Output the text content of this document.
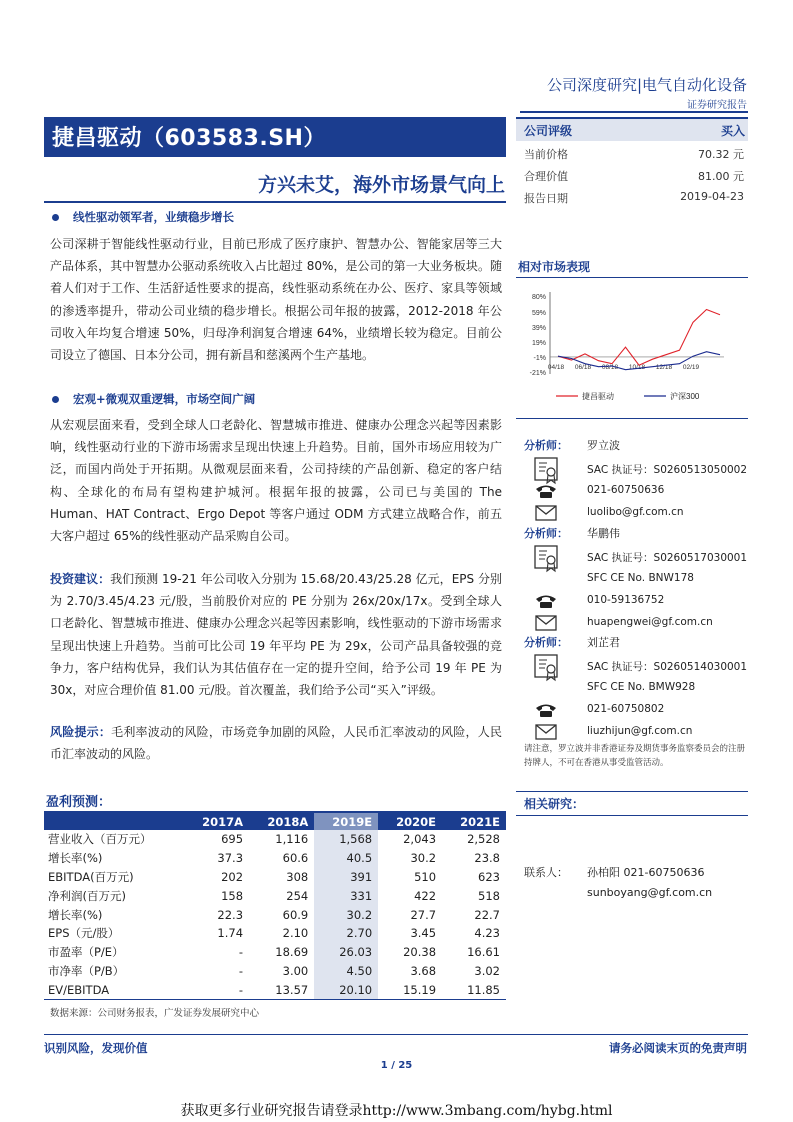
公司深度研究|电气自动化设备
证券研究报告
捷昌驱动（603583.SH）
方兴未艾，海外市场景气向上
线性驱动领军者，业绩稳步增长
公司深耕于智能线性驱动行业，目前已形成了医疗康护、智慧办公、智能家居等三大产品体系，其中智慧办公驱动系统收入占比超过 80%，是公司的第一大业务板块。随着人们对于工作、生活舒适性要求的提高，线性驱动系统在办公、医疗、家具等领域的渗透率提升，带动公司业绩的稳步增长。根据公司年报的披露，2012-2018 年公司收入年均复合增速 50%，归母净利润复合增速 64%，业绩增长较为稳定。目前公司设立了德国、日本分公司，拥有新昌和慈溪两个生产基地。
宏观+微观双重逻辑，市场空间广阔
从宏观层面来看，受到全球人口老龄化、智慧城市推进、健康办公理念兴起等因素影响，线性驱动行业的下游市场需求呈现出快速上升趋势。目前，国外市场应用较为广泛，而国内尚处于开拓期。从微观层面来看，公司持续的产品创新、稳定的客户结构、全球化的布局有望构建护城河。根据年报的披露，公司已与美国的 The Human、HAT Contract、Ergo Depot 等客户通过 ODM 方式建立战略合作，前五大客户超过 65%的线性驱动产品采购自公司。
投资建议：我们预测 19-21 年公司收入分别为 15.68/20.43/25.28 亿元，EPS 分别为 2.70/3.45/4.23 元/股，当前股价对应的 PE 分别为 26x/20x/17x。受到全球人口老龄化、智慧城市推进、健康办公理念兴起等因素影响，线性驱动的下游市场需求呈现出快速上升趋势。当前可比公司 19 年平均 PE 为 29x，公司产品具备较强的竞争力，客户结构优异，我们认为其估值存在一定的提升空间，给予公司 19 年 PE 为 30x，对应合理价值 81.00 元/股。首次覆盖，我们给予公司“买入”评级。
风险提示：毛利率波动的风险，市场竞争加剧的风险，人民币汇率波动的风险，人民币汇率波动的风险。
公司评级	买入
当前价格	70.32 元
合理价值	81.00 元
报告日期	2019-04-23
相对市场表现
80%
59%
39%
19%
-1%
-21%
04/18 06/18 08/18 10/18 12/18 02/19
捷昌驱动	沪深300
分析师： 罗立波
SAC 执证号：S0260513050002
021-60750636
luolibo@gf.com.cn
分析师： 华鹏伟
SAC 执证号：S0260517030001
SFC CE No. BNW178
010-59136752
huapengwei@gf.com.cn
分析师： 刘芷君
SAC 执证号：S0260514030001
SFC CE No. BMW928
021-60750802
liuzhijun@gf.com.cn
请注意，罗立波并非香港证券及期货事务监察委员会的注册持牌人，不可在香港从事受监管活动。
盈利预测：
	2017A	2018A	2019E	2020E	2021E
营业收入（百万元）	695	1,116	1,568	2,043	2,528
增长率(%)	37.3	60.6	40.5	30.2	23.8
EBITDA(百万元)	202	308	391	510	623
净利润(百万元)	158	254	331	422	518
增长率(%)	22.3	60.9	30.2	27.7	22.7
EPS（元/股）	1.74	2.10	2.70	3.45	4.23
市盈率（P/E）	-	18.69	26.03	20.38	16.61
市净率（P/B）	-	3.00	4.50	3.68	3.02
EV/EBITDA	-	13.57	20.10	15.19	11.85
数据来源：公司财务报表，广发证券发展研究中心
相关研究：
联系人： 孙柏阳 021-60750636
sunboyang@gf.com.cn
识别风险，发现价值	请务必阅读末页的免责声明
1 / 25
获取更多行业研究报告请登录http://www.3mbang.com/hybg.html
